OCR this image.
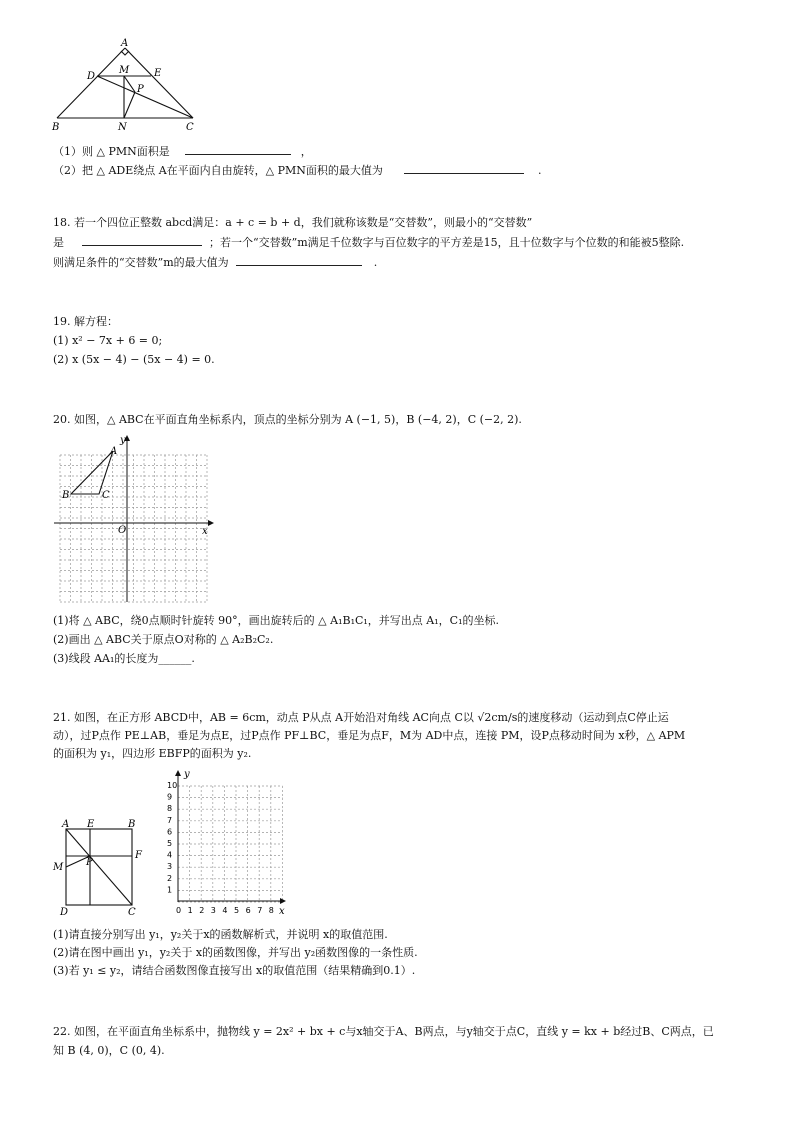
A
D
M E
P
B	N	C
（1）则 △ PMN面积是	，
（2）把 △ ADE绕点 A在平面内自由旋转，△ PMN面积的最大值为	.
18. 若一个四位正整数 abcd满足：a + c = b + d，我们就称该数是“交替数”，则最小的“交替数”
是	；若一个“交替数”m满足千位数字与百位数字的平方差是15，且十位数字与个位数的和能被5整除.
则满足条件的“交替数”m的最大值为	.
19. 解方程：
(1) x² − 7x + 6 = 0;
(2) x (5x − 4) − (5x − 4) = 0.
20. 如图，△ ABC在平面直角坐标系内，顶点的坐标分别为 A (−1, 5)，B (−4, 2)，C (−2, 2).
y
x
O
A
B	C
(1)将 △ ABC，绕0点顺时针旋转 90°，画出旋转后的 △ A₁B₁C₁，并写出点 A₁，C₁的坐标.
(2)画出 △ ABC关于原点O对称的 △ A₂B₂C₂.
(3)线段 AA₁的长度为______.
21. 如图，在正方形 ABCD中，AB = 6cm，动点 P从点 A开始沿对角线 AC向点 C以 √2cm/s的速度移动（运动到点C停止运
动），过P点作 PE⊥AB，垂足为点E，过P点作 PF⊥BC，垂足为点F，M为 AD中点，连接 PM，设P点移动时间为 x秒，△ APM
的面积为 y₁，四边形 EBFP的面积为 y₂.
A E	B
M P
F
D	C
y
x
1
2
3
4
5
6
7
8
9
10
0 1 2 3 4 5 6 7 8
(1)请直接分别写出 y₁，y₂关于x的函数解析式，并说明 x的取值范围.
(2)请在图中画出 y₁，y₂关于 x的函数图像，并写出 y₂函数图像的一条性质.
(3)若 y₁ ≤ y₂，请结合函数图像直接写出 x的取值范围（结果精确到0.1）.
22. 如图，在平面直角坐标系中，抛物线 y = 2x² + bx + c与x轴交于A、B两点，与y轴交于点C，直线 y = kx + b经过B、C两点，已
知 B (4, 0)，C (0, 4).
